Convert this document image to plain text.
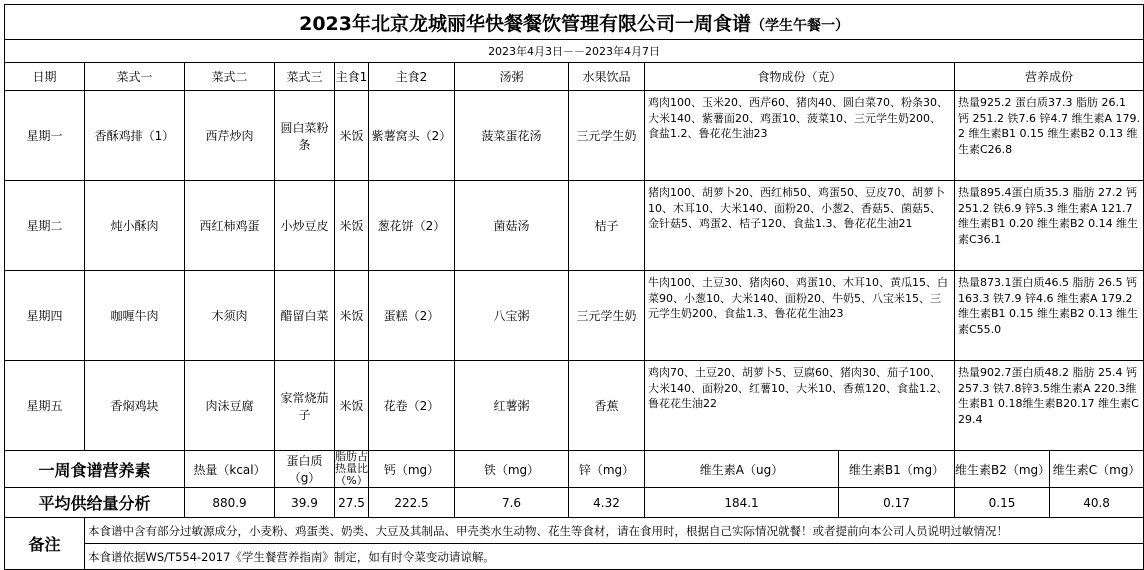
2023年北京龙城丽华快餐餐饮管理有限公司一周食谱（学生午餐一）											
2023年4月3日－－2023年4月7日											
日期	菜式一	菜式二	菜式三	主食1	主食2	汤粥	水果饮品	食物成份（克）		营养成份	
星期一	香酥鸡排（1）	西芹炒肉	圆白菜粉条	米饭	紫薯窝头（2）	菠菜蛋花汤	三元学生奶	鸡肉100、玉米20、西芹60、猪肉40、圆白菜70、粉条30、大米140、紫薯面20、鸡蛋10、菠菜10、三元学生奶200、食盐1.2、鲁花花生油23		热量925.2 蛋白质37.3 脂肪 26.1 钙 251.2 铁7.6 锌4.7 维生素A 179.2 维生素B1 0.15 维生素B2 0.13 维生素C26.8	
星期二	炖小酥肉	西红柿鸡蛋	小炒豆皮	米饭	葱花饼（2）	菌菇汤	桔子	猪肉100、胡萝卜20、西红柿50、鸡蛋50、豆皮70、胡萝卜10、木耳10、大米140、面粉20、小葱2、香菇5、菌菇5、金针菇5、鸡蛋2、桔子120、食盐1.3、鲁花花生油21		热量895.4蛋白质35.3 脂肪 27.2 钙 251.2 铁6.9 锌5.3 维生素A 121.7 维生素B1 0.20 维生素B2 0.14 维生素C36.1	
星期四	咖喱牛肉	木须肉	醋留白菜	米饭	蛋糕（2）	八宝粥	三元学生奶	牛肉100、土豆30、猪肉60、鸡蛋10、木耳10、黄瓜15、白菜90、小葱10、大米140、面粉20、牛奶5、八宝米15、三元学生奶200、食盐1.3、鲁花花生油23		热量873.1蛋白质46.5 脂肪 26.5 钙 163.3 铁7.9 锌4.6 维生素A 179.2 维生素B1 0.15 维生素B2 0.13 维生素C55.0	
星期五	香焖鸡块	肉沫豆腐	家常烧茄子	米饭	花卷（2）	红薯粥	香蕉	鸡肉70、土豆20、胡萝卜5、豆腐60、猪肉30、茄子100、大米140、面粉20、红薯10、大米10、香蕉120、食盐1.2、鲁花花生油22		热量902.7蛋白质48.2 脂肪 25.4 钙257.3 铁7.8锌3.5维生素A 220.3维生素B1 0.18维生素B20.17 维生素C 29.4	
一周食谱营养素		热量（kcal）	蛋白质（g）	脂肪占热量比（%）	钙（mg）	铁（mg）	锌（mg）	维生素A（ug）	维生素B1（mg）	维生素B2（mg）	维生素C（mg）
平均供给量分析		880.9	39.9	27.5	222.5	7.6	4.32	184.1	0.17	0.15	40.8
备注	本食谱中含有部分过敏源成分，小麦粉、鸡蛋类、奶类、大豆及其制品、甲壳类水生动物、花生等食材，请在食用时，根据自己实际情况就餐！或者提前向本公司人员说明过敏情况！										
	本食谱依据WS/T554-2017《学生餐营养指南》制定，如有时令菜变动请谅解。										
